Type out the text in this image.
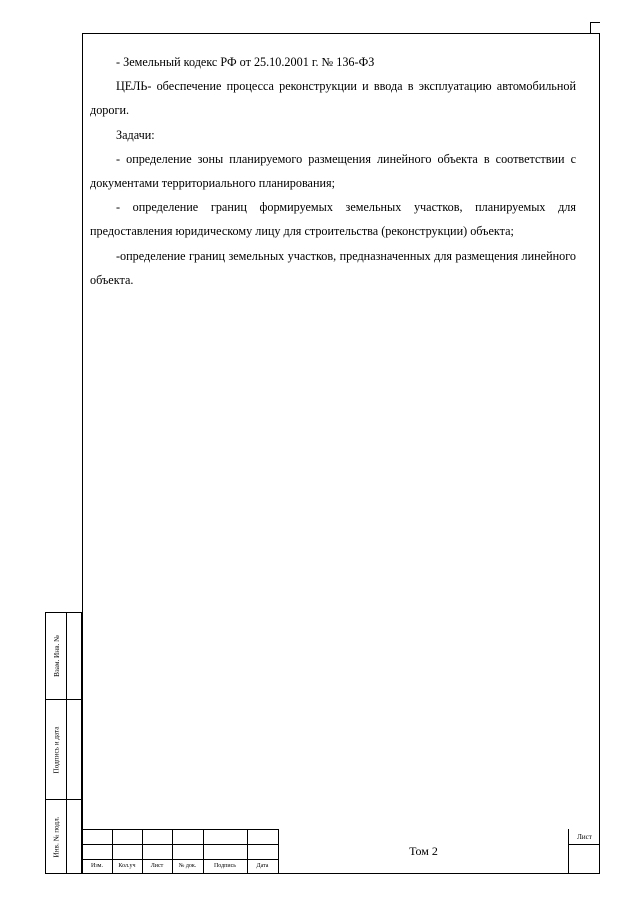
- Земельный кодекс РФ от 25.10.2001 г. № 136-ФЗ

ЦЕЛЬ- обеспечение процесса реконструкции и ввода в эксплуатацию автомобильной дороги.

Задачи:

- определение зоны планируемого размещения линейного объекта в соответствии с документами территориального планирования;

- определение границ формируемых земельных участков, планируемых для предоставления юридическому лицу для строительства (реконструкции) объекта;

-определение границ земельных участков, предназначенных для размещения линейного объекта.

Взам. Инв. №
Подпись и дата
Инв. № подл.
Изм.	Кол.уч	Лист	№ док.	Подпись	Дата
Том 2
Лист
